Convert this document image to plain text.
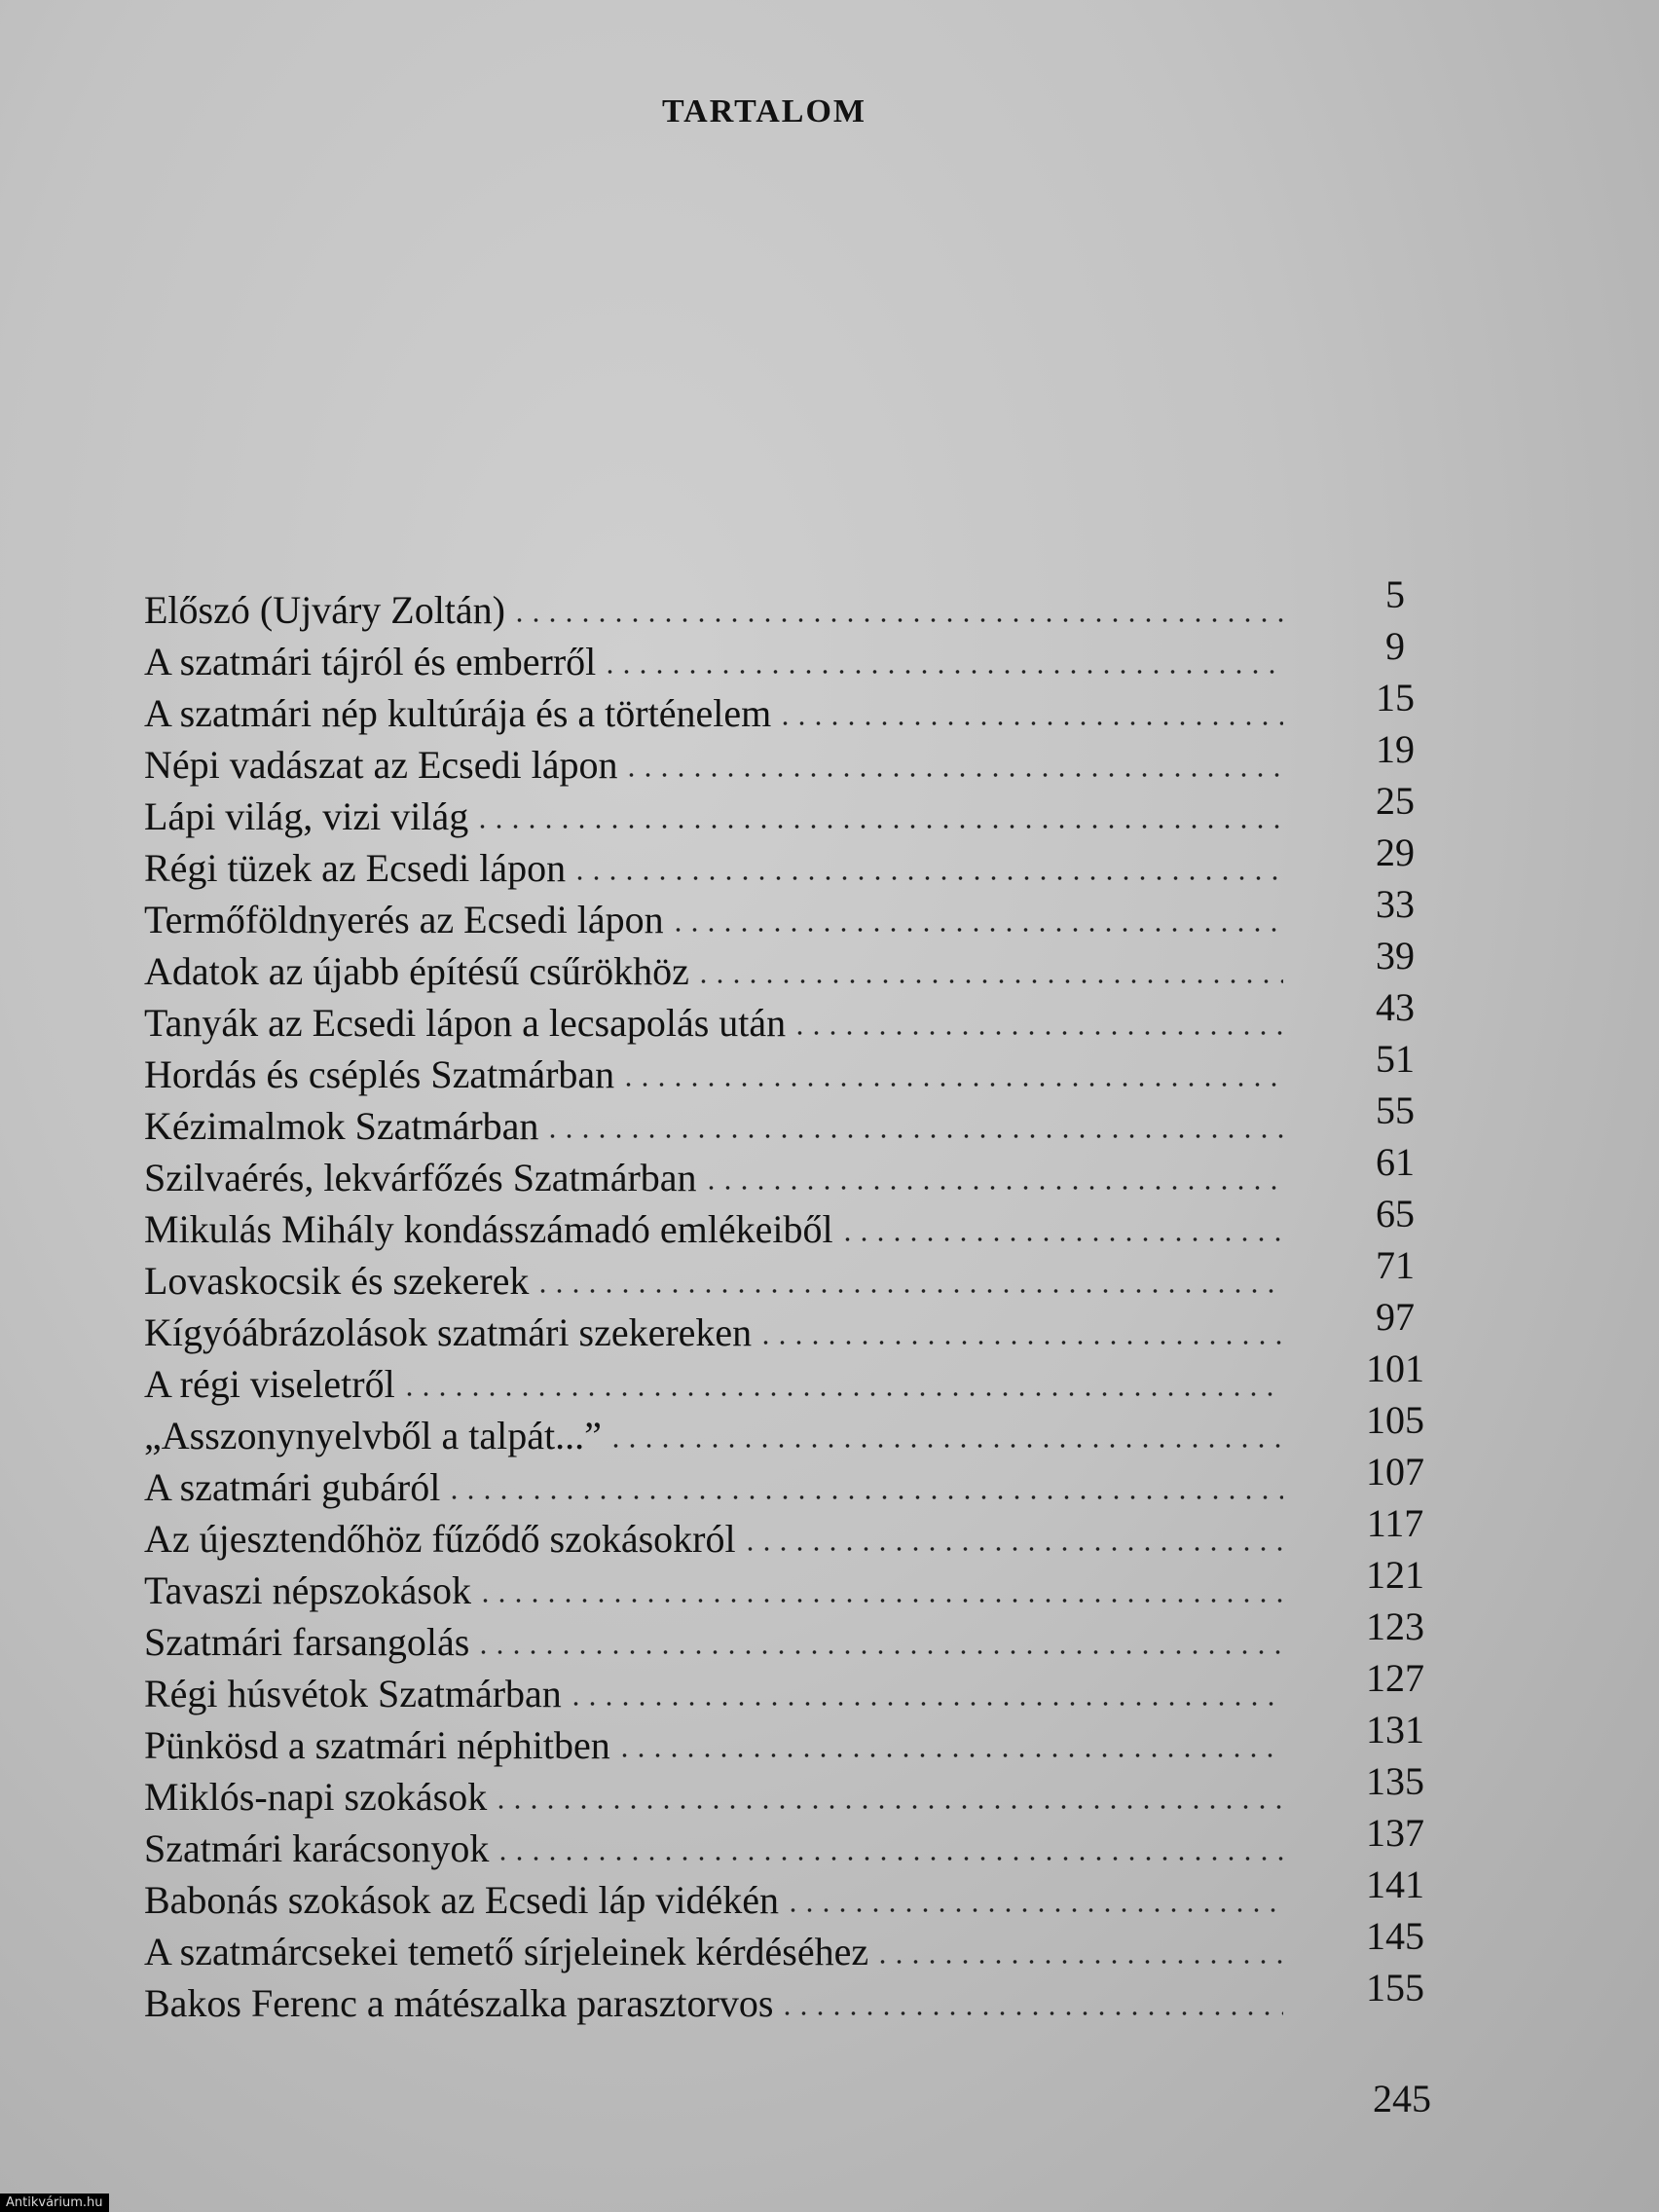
TARTALOM
Előszó (Ujváry Zoltán)	5
A szatmári tájról és emberről	9
A szatmári nép kultúrája és a történelem	15
Népi vadászat az Ecsedi lápon	19
Lápi világ, vizi világ	25
Régi tüzek az Ecsedi lápon	29
Termőföldnyerés az Ecsedi lápon	33
Adatok az újabb építésű csűrökhöz	39
Tanyák az Ecsedi lápon a lecsapolás után	43
Hordás és cséplés Szatmárban	51
Kézimalmok Szatmárban	55
Szilvaérés, lekvárfőzés Szatmárban	61
Mikulás Mihály kondásszámadó emlékeiből	65
Lovaskocsik és szekerek	71
Kígyóábrázolások szatmári szekereken	97
A régi viseletről	101
„Asszonynyelvből a talpát...”	105
A szatmári gubáról	107
Az újesztendőhöz fűződő szokásokról	117
Tavaszi népszokások	121
Szatmári farsangolás	123
Régi húsvétok Szatmárban	127
Pünkösd a szatmári néphitben	131
Miklós-napi szokások	135
Szatmári karácsonyok	137
Babonás szokások az Ecsedi láp vidékén	141
A szatmárcsekei temető sírjeleinek kérdéséhez	145
Bakos Ferenc a mátészalka parasztorvos	155
245
Antikvárium.hu
